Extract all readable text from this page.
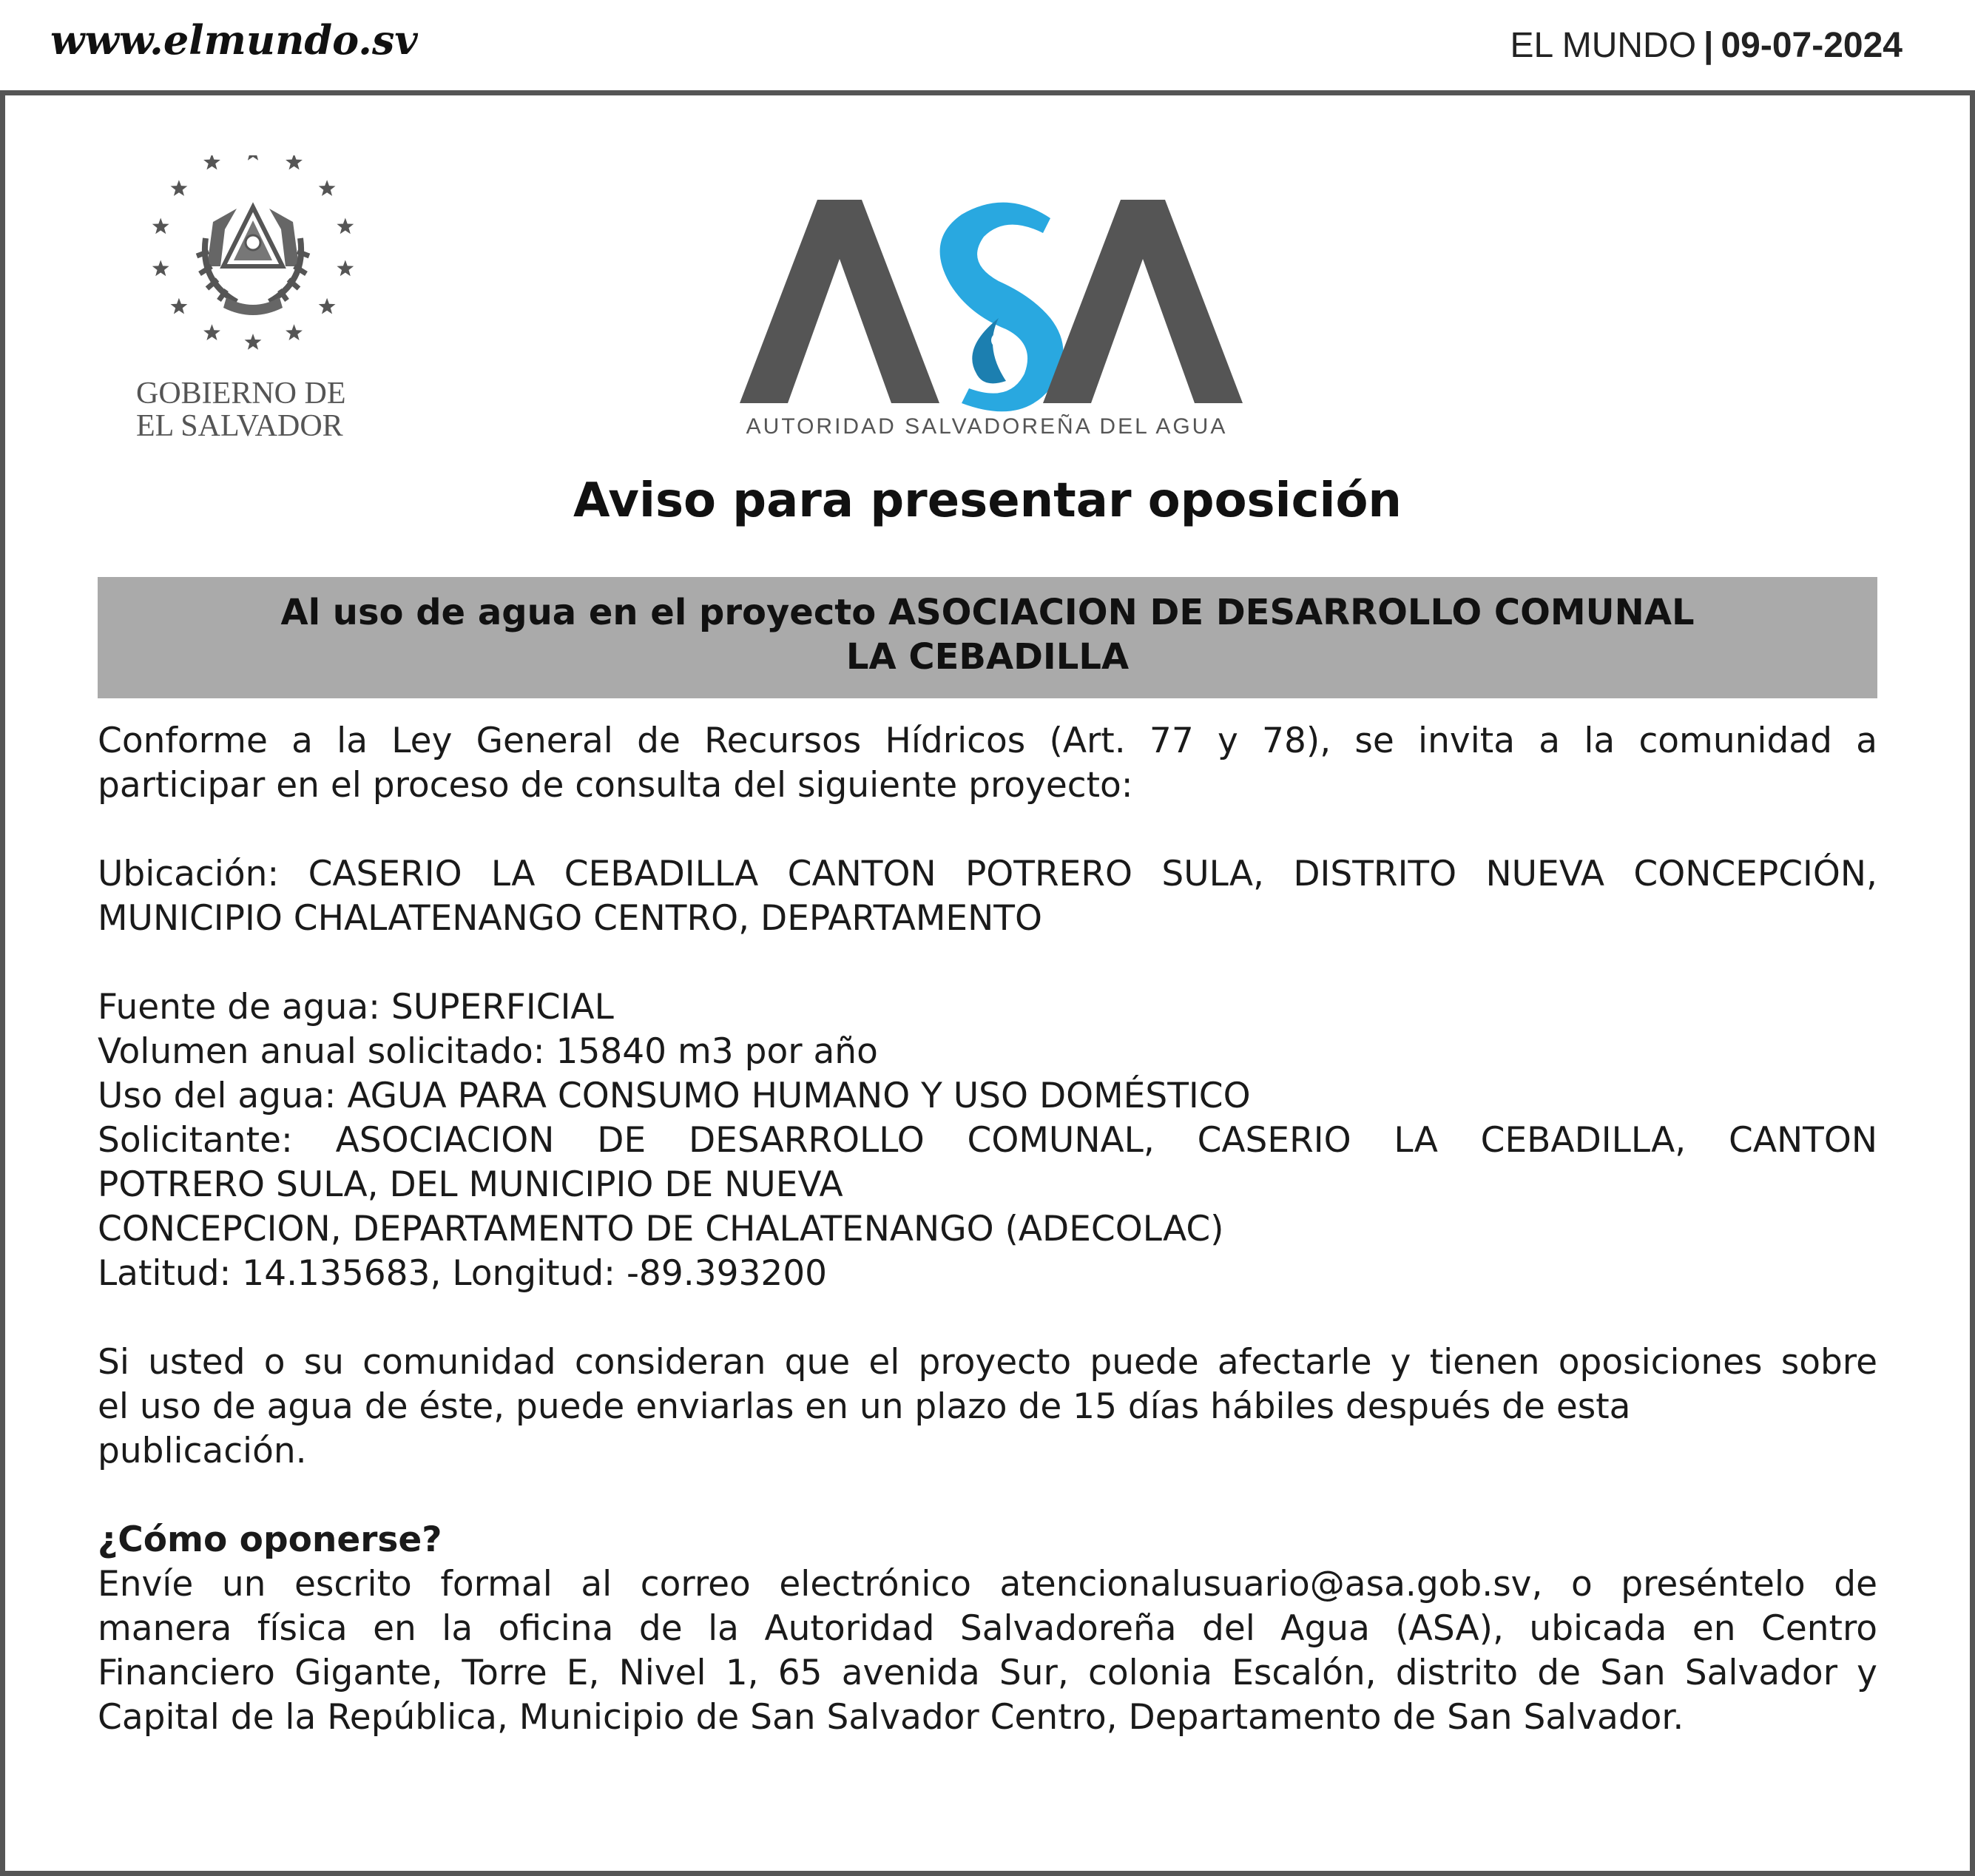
www.elmundo.sv	EL MUNDO | 09-07-2024
GOBIERNO DE
EL SALVADOR	AUTORIDAD SALVADOREÑA DEL AGUA
Aviso para presentar oposición
Al uso de agua en el proyecto ASOCIACION DE DESARROLLO COMUNAL
LA CEBADILLA
Conforme a la Ley General de Recursos Hídricos (Art. 77 y 78), se invita a la comunidad a
participar en el proceso de consulta del siguiente proyecto:
Ubicación: CASERIO LA CEBADILLA CANTON POTRERO SULA, DISTRITO NUEVA CONCEPCIÓN,
MUNICIPIO CHALATENANGO CENTRO, DEPARTAMENTO
Fuente de agua: SUPERFICIAL
Volumen anual solicitado: 15840 m3 por año
Uso del agua: AGUA PARA CONSUMO HUMANO Y USO DOMÉSTICO
Solicitante: ASOCIACION DE DESARROLLO COMUNAL, CASERIO LA CEBADILLA, CANTON
POTRERO SULA, DEL MUNICIPIO DE NUEVA
CONCEPCION, DEPARTAMENTO DE CHALATENANGO (ADECOLAC)
Latitud: 14.135683, Longitud: -89.393200
Si usted o su comunidad consideran que el proyecto puede afectarle y tienen oposiciones sobre
el uso de agua de éste, puede enviarlas en un plazo de 15 días hábiles después de esta
publicación.
¿Cómo oponerse?
Envíe un escrito formal al correo electrónico atencionalusuario@asa.gob.sv, o preséntelo de
manera física en la oficina de la Autoridad Salvadoreña del Agua (ASA), ubicada en Centro
Financiero Gigante, Torre E, Nivel 1, 65 avenida Sur, colonia Escalón, distrito de San Salvador y
Capital de la República, Municipio de San Salvador Centro, Departamento de San Salvador.
